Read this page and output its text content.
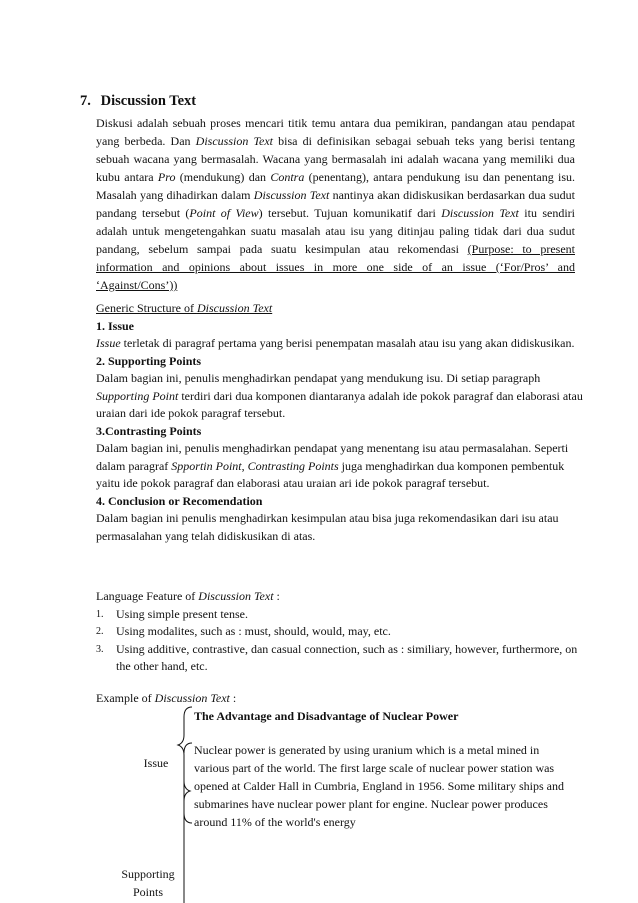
7. Discussion Text
Diskusi adalah sebuah proses mencari titik temu antara dua pemikiran, pandangan atau pendapat yang berbeda. Dan Discussion Text bisa di definisikan sebagai sebuah teks yang berisi tentang sebuah wacana yang bermasalah. Wacana yang bermasalah ini adalah wacana yang memiliki dua kubu antara Pro (mendukung) dan Contra (penentang), antara pendukung isu dan penentang isu. Masalah yang dihadirkan dalam Discussion Text nantinya akan didiskusikan berdasarkan dua sudut pandang tersebut (Point of View) tersebut. Tujuan komunikatif dari Discussion Text itu sendiri adalah untuk mengetengahkan suatu masalah atau isu yang ditinjau paling tidak dari dua sudut pandang, sebelum sampai pada suatu kesimpulan atau rekomendasi (Purpose: to present information and opinions about issues in more one side of an issue (‘For/Pros’ and ‘Against/Cons’))
Generic Structure of Discussion Text
1. Issue
Issue terletak di paragraf pertama yang berisi penempatan masalah atau isu yang akan didiskusikan.
2. Supporting Points
Dalam bagian ini, penulis menghadirkan pendapat yang mendukung isu. Di setiap paragraph Supporting Point terdiri dari dua komponen diantaranya adalah ide pokok paragraf dan elaborasi atau uraian dari ide pokok paragraf tersebut.
3.Contrasting Points
Dalam bagian ini, penulis menghadirkan pendapat yang menentang isu atau permasalahan. Seperti dalam paragraf Spportin Point, Contrasting Points juga menghadirkan dua komponen pembentuk yaitu ide pokok paragraf dan elaborasi atau uraian ari ide pokok paragraf tersebut.
4. Conclusion or Recomendation
Dalam bagian ini penulis menghadirkan kesimpulan atau bisa juga rekomendasikan dari isu atau permasalahan yang telah didiskusikan di atas.
Language Feature of Discussion Text :
1. Using simple present tense.
2. Using modalites, such as : must, should, would, may, etc.
3. Using additive, contrastive, dan casual connection, such as : similiary, however, furthermore, on the other hand, etc.
Example of Discussion Text :
The Advantage and Disadvantage of Nuclear Power
Issue
Nuclear power is generated by using uranium which is a metal mined in various part of the world. The first large scale of nuclear power station was opened at Calder Hall in Cumbria, England in 1956. Some military ships and submarines have nuclear power plant for engine. Nuclear power produces around 11% of the world's energy
Supporting Points
